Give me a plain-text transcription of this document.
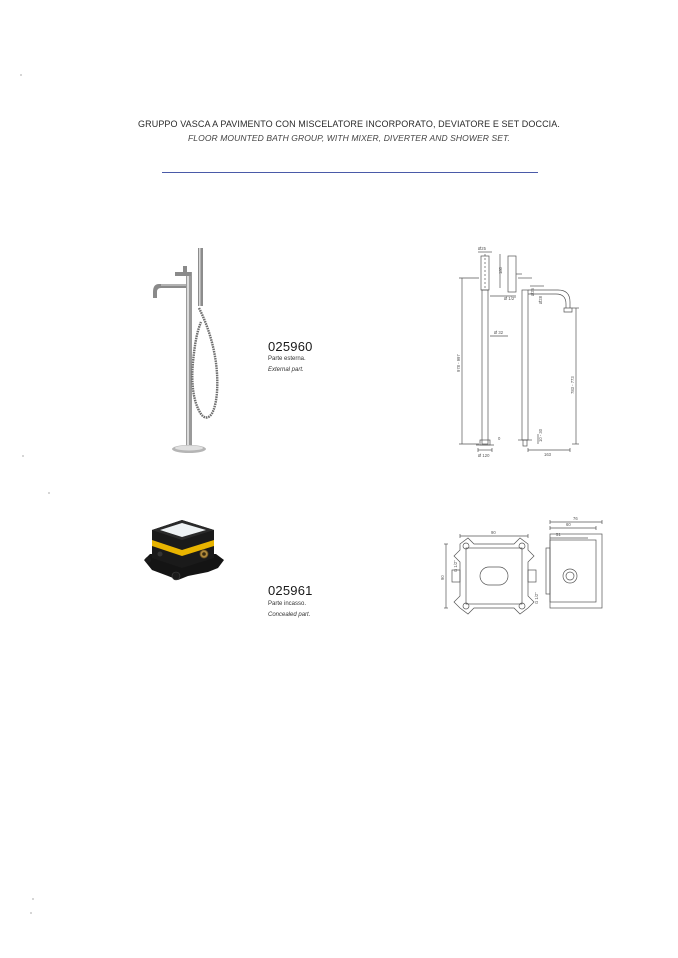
GRUPPO VASCA A PAVIMENTO CON MISCELATORE INCORPORATO, DEVIATORE E SET DOCCIA.
FLOOR MOUNTED BATH GROUP, WITH MIXER, DIVERTER AND SHOWER SET.
025960
Parte esterna.
External part.
Ø25
180
Ø 1/2"
Ø 32
Ø25
Ø28
978 - 997
783 - 773
10 - 30
Ø 120	163
0
025961
Parte incasso.
Concealed part.
90
90
G 1/2"
G 1/2"
76
60
51
